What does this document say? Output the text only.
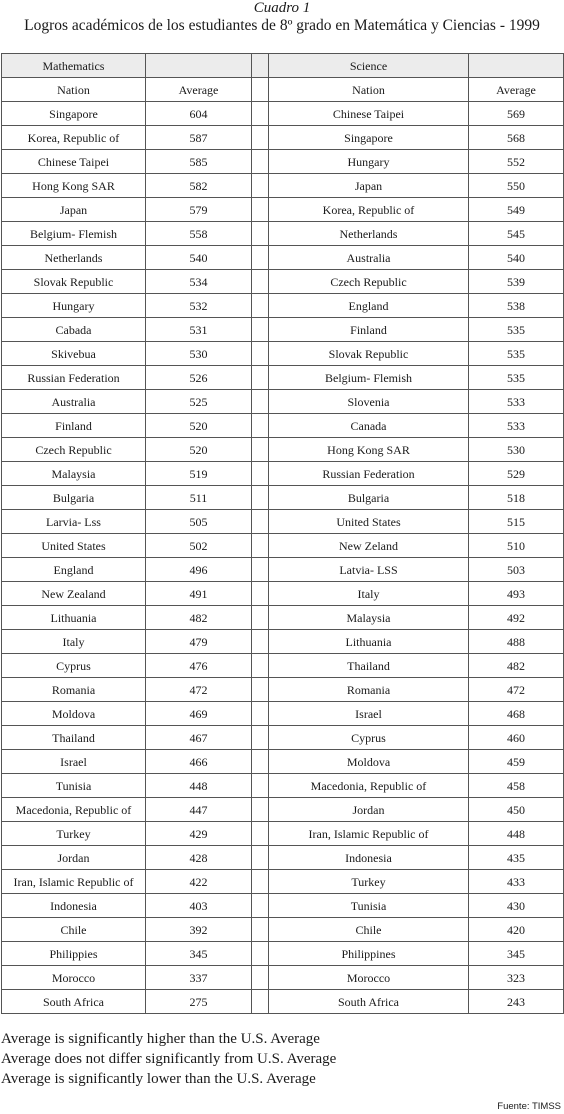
Cuadro 1
Logros académicos de los estudiantes de 8º grado en Matemática y Ciencias - 1999
Mathematics			Science	
Nation	Average		Nation	Average
Singapore	604		Chinese Taipei	569
Korea, Republic of	587		Singapore	568
Chinese Taipei	585		Hungary	552
Hong Kong SAR	582		Japan	550
Japan	579		Korea, Republic of	549
Belgium- Flemish	558		Netherlands	545
Netherlands	540		Australia	540
Slovak Republic	534		Czech Republic	539
Hungary	532		England	538
Cabada	531		Finland	535
Skivebua	530		Slovak Republic	535
Russian Federation	526		Belgium- Flemish	535
Australia	525		Slovenia	533
Finland	520		Canada	533
Czech Republic	520		Hong Kong SAR	530
Malaysia	519		Russian Federation	529
Bulgaria	511		Bulgaria	518
Larvia- Lss	505		United States	515
United States	502		New Zeland	510
England	496		Latvia- LSS	503
New Zealand	491		Italy	493
Lithuania	482		Malaysia	492
Italy	479		Lithuania	488
Cyprus	476		Thailand	482
Romania	472		Romania	472
Moldova	469		Israel	468
Thailand	467		Cyprus	460
Israel	466		Moldova	459
Tunisia	448		Macedonia, Republic of	458
Macedonia, Republic of	447		Jordan	450
Turkey	429		Iran, Islamic Republic of	448
Jordan	428		Indonesia	435
Iran, Islamic Republic of	422		Turkey	433
Indonesia	403		Tunisia	430
Chile	392		Chile	420
Philippies	345		Philippines	345
Morocco	337		Morocco	323
South Africa	275		South Africa	243
Average is significantly higher than the U.S. Average
Average does not differ significantly from U.S. Average
Average is significantly lower than the U.S. Average
Fuente: TIMSS
